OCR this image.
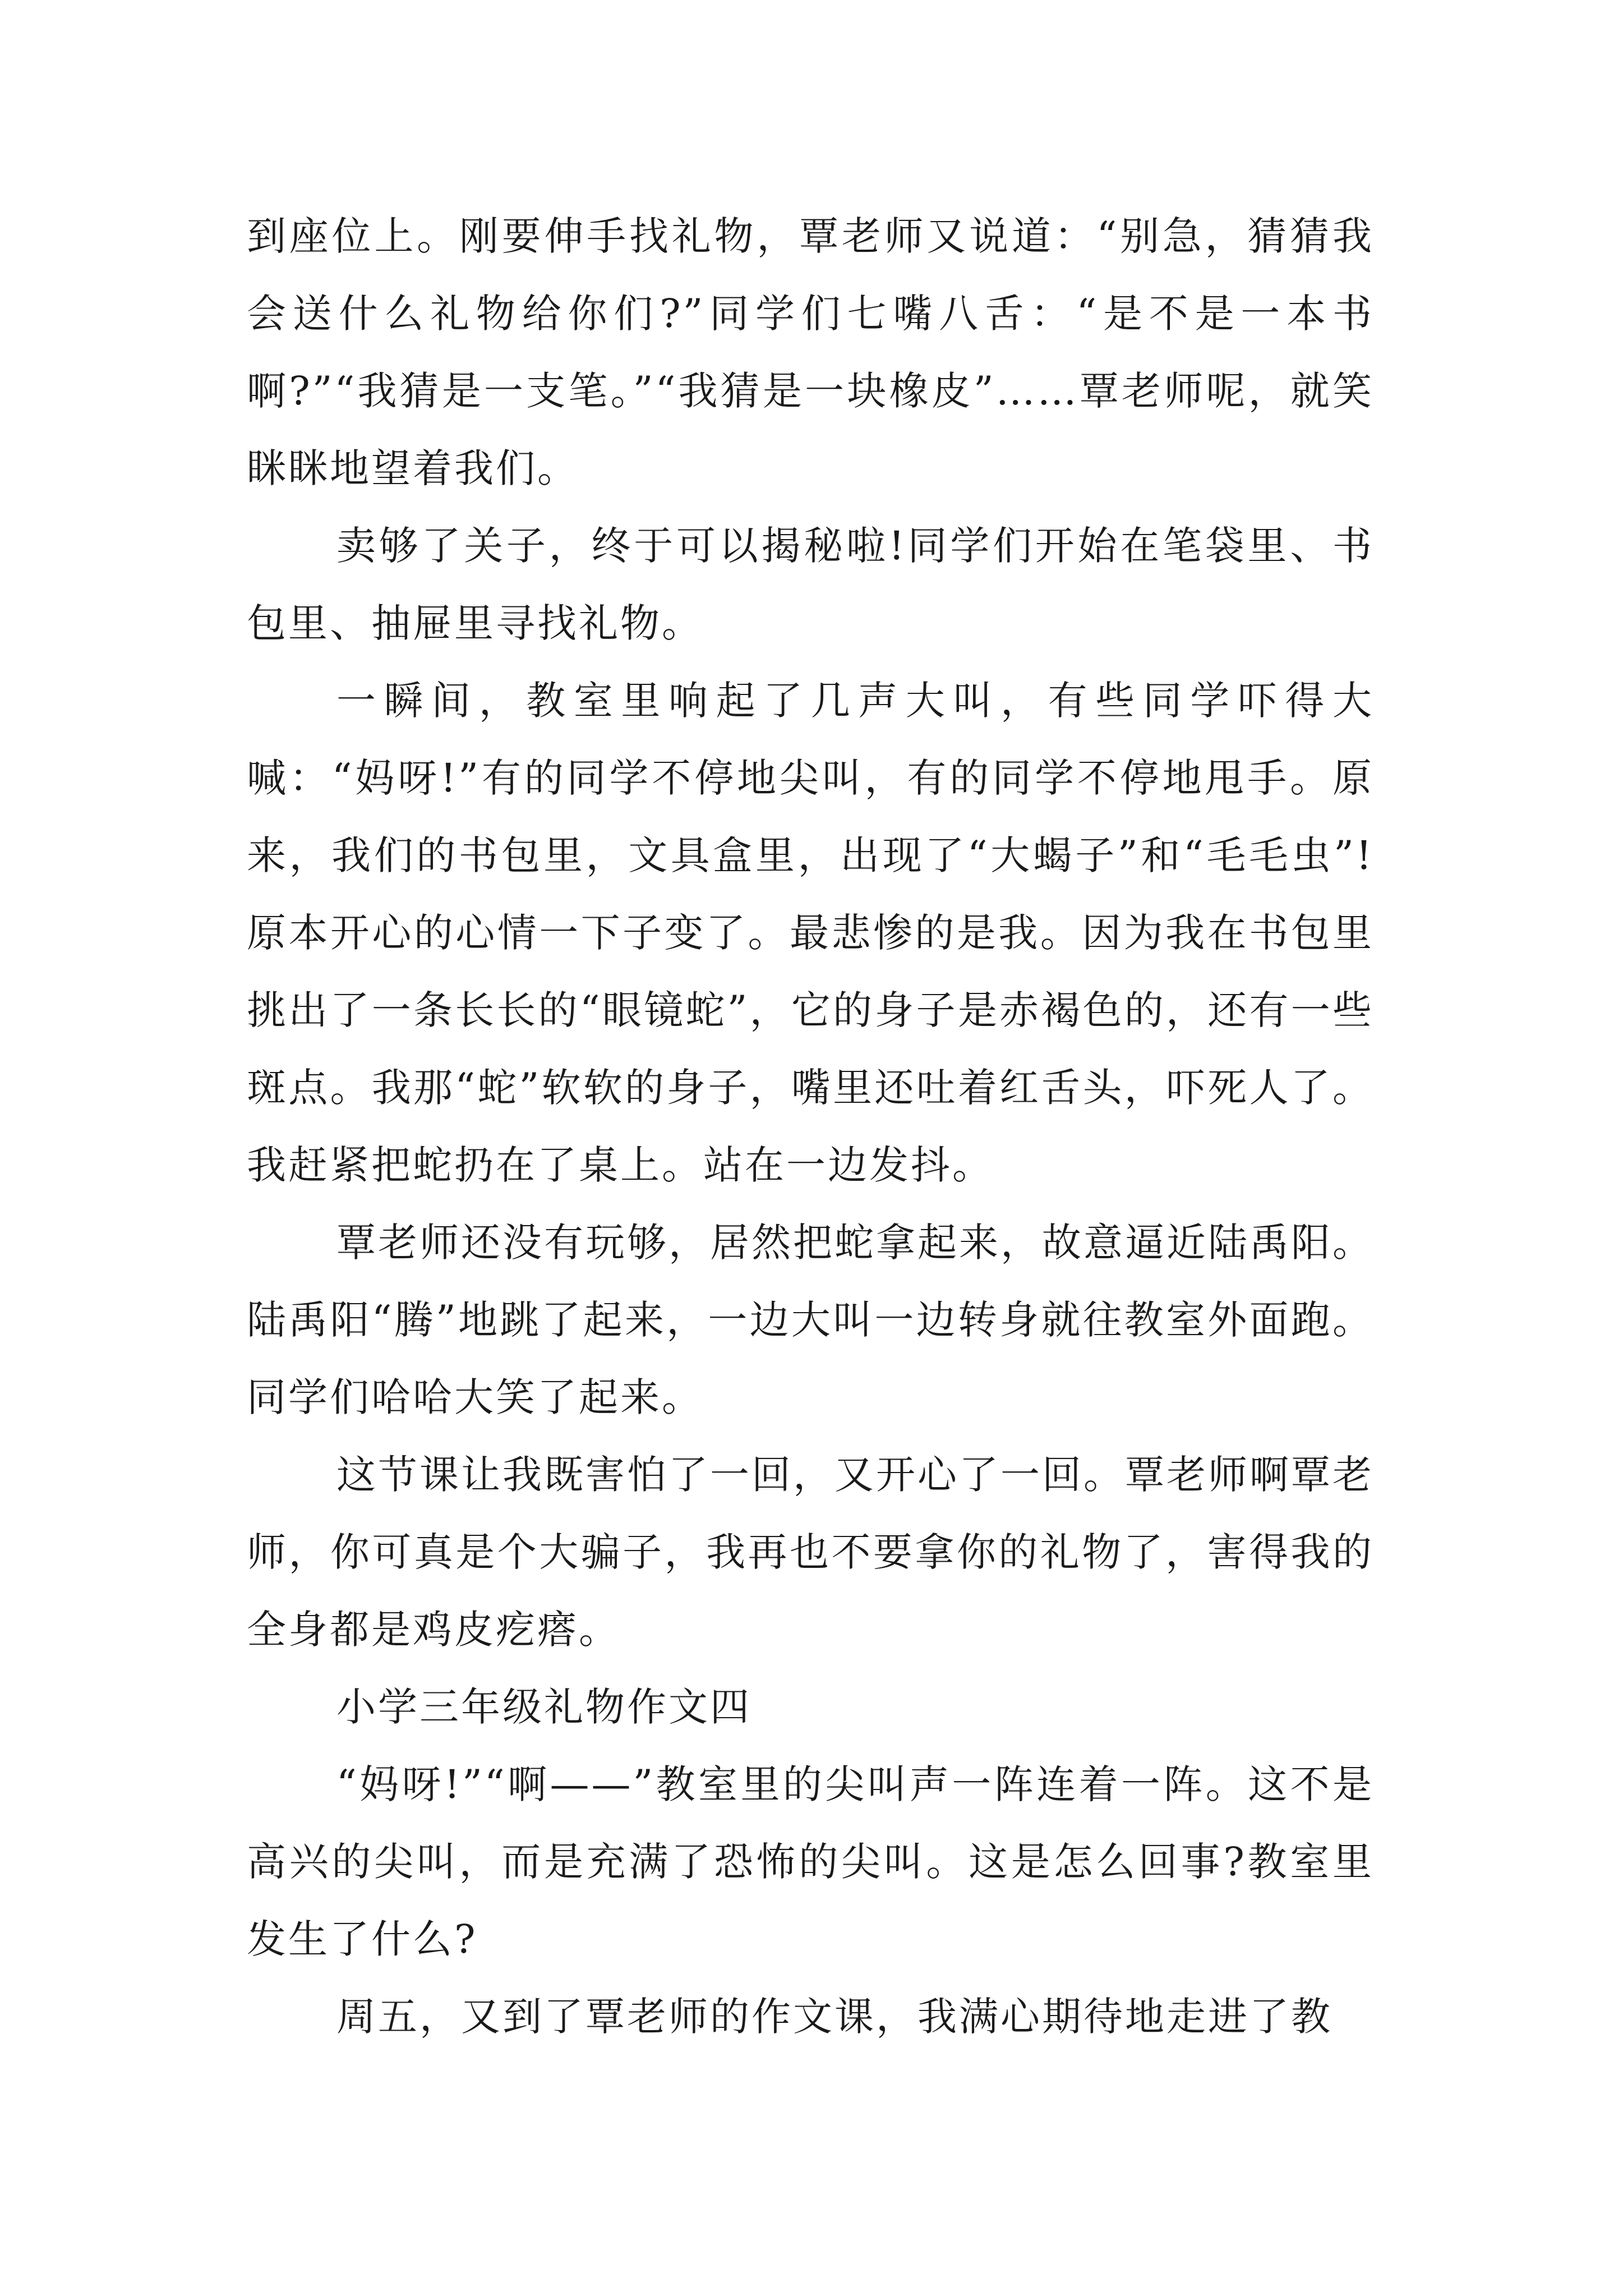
到座位上。刚要伸手找礼物，覃老师又说道：“别急，猜猜我会送什么礼物给你们?”同学们七嘴八舌：“是不是一本书啊?”“我猜是一支笔。”“我猜是一块橡皮”……覃老师呢，就笑眯眯地望着我们。

卖够了关子，终于可以揭秘啦!同学们开始在笔袋里、书包里、抽屉里寻找礼物。

一瞬间，教室里响起了几声大叫，有些同学吓得大喊：“妈呀!”有的同学不停地尖叫，有的同学不停地甩手。原来，我们的书包里，文具盒里，出现了“大蝎子”和“毛毛虫”!原本开心的心情一下子变了。最悲惨的是我。因为我在书包里挑出了一条长长的“眼镜蛇”，它的身子是赤褐色的，还有一些斑点。我那“蛇”软软的身子，嘴里还吐着红舌头，吓死人了。我赶紧把蛇扔在了桌上。站在一边发抖。

覃老师还没有玩够，居然把蛇拿起来，故意逼近陆禹阳。陆禹阳“腾”地跳了起来，一边大叫一边转身就往教室外面跑。同学们哈哈大笑了起来。

这节课让我既害怕了一回，又开心了一回。覃老师啊覃老师，你可真是个大骗子，我再也不要拿你的礼物了，害得我的全身都是鸡皮疙瘩。

小学三年级礼物作文四

“妈呀!”“啊——”教室里的尖叫声一阵连着一阵。这不是高兴的尖叫，而是充满了恐怖的尖叫。这是怎么回事?教室里发生了什么?

周五，又到了覃老师的作文课，我满心期待地走进了教
